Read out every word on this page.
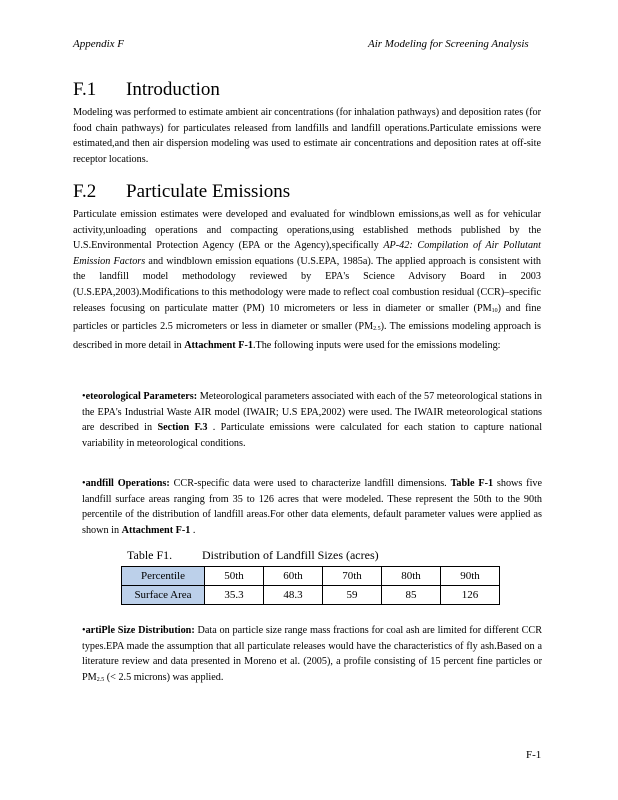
Appendix F	Air Modeling for Screening Analysis
F.1 Introduction
Modeling was performed to estimate ambient air concentrations (for inhalation pathways) and deposition rates (for food chain pathways) for particulates released from landfills and landfill operations.Particulate emissions were estimated,and then air dispersion modeling was used to estimate air concentrations and deposition rates at off-site receptor locations.
F.2 Particulate Emissions
Particulate emission estimates were developed and evaluated for windblown emissions,as well as for vehicular activity,unloading operations and compacting operations,using established methods published by the U.S.Environmental Protection Agency (EPA or the Agency),specifically AP-42: Compilation of Air Pollutant Emission Factors and windblown emission equations (U.S.EPA, 1985a). The applied approach is consistent with the landfill model methodology reviewed by EPA's Science Advisory Board in 2003 (U.S.EPA,2003).Modifications to this methodology were made to reflect coal combustion residual (CCR)–specific releases focusing on particulate matter (PM) 10 micrometers or less in diameter or smaller $(PM_{10})$ and fine particles or particles 2.5 micrometers or less in diameter or smaller $(PM_{2.5})$. The emissions modeling approach is described in more detail in Attachment F-1.The following inputs were used for the emissions modeling:
•eteorological Parameters: Meteorological parameters associated with each of the 57 meteorological stations in the EPA's Industrial Waste AIR model (IWAIR; U.S EPA,2002) were used. The IWAIR meteorological stations are described in Section F.3 . Particulate emissions were calculated for each station to capture national variability in meteorological conditions.
•andfill Operations: CCR-specific data were used to characterize landfill dimensions. Table F-1 shows five landfill surface areas ranging from 35 to 126 acres that were modeled. These represent the 50th to the 90th percentile of the distribution of landfill areas.For other data elements, default parameter values were applied as shown in Attachment F-1 .
Table F1. Distribution of Landfill Sizes (acres)
Percentile	50th	60th	70th	80th	90th
Surface Area	35.3	48.3	59	85	126
•artiPle Size Distribution: Data on particle size range mass fractions for coal ash are limited for different CCR types.EPA made the assumption that all particulate releases would have the characteristics of fly ash.Based on a literature review and data presented in Moreno et al. (2005), a profile consisting of 15 percent fine particles or $PM_{2.5}$ (< 2.5 microns) was applied.
F-1
